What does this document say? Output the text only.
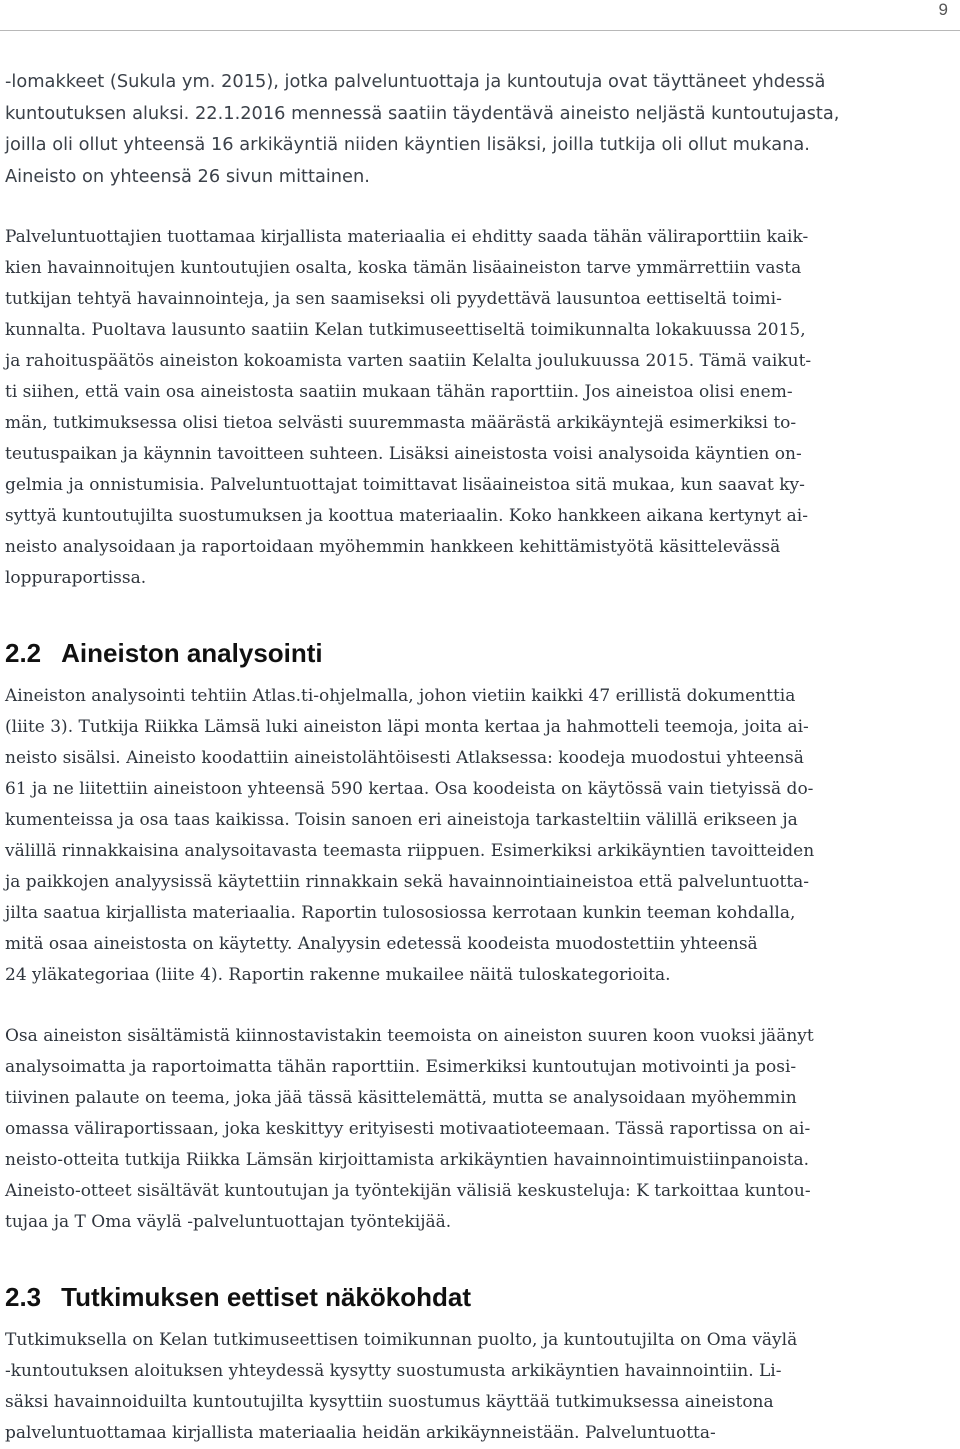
9

-lomakkeet (Sukula ym. 2015), jotka palveluntuottaja ja kuntoutuja ovat täyttäneet yhdessä

kuntoutuksen aluksi. 22.1.2016 mennessä saatiin täydentävä aineisto neljästä kuntoutujasta,

joilla oli ollut yhteensä 16 arkikäyntiä niiden käyntien lisäksi, joilla tutkija oli ollut mukana.

Aineisto on yhteensä 26 sivun mittainen.

Palveluntuottajien tuottamaa kirjallista materiaalia ei ehditty saada tähän väliraporttiin kaik-
kien havainnoitujen kuntoutujien osalta, koska tämän lisäaineiston tarve ymmärrettiin vasta
tutkijan tehtyä havainnointeja, ja sen saamiseksi oli pyydettävä lausuntoa eettiseltä toimi-
kunnalta. Puoltava lausunto saatiin Kelan tutkimuseettiseltä toimikunnalta lokakuussa 2015,
ja rahoituspäätös aineiston kokoamista varten saatiin Kelalta joulukuussa 2015. Tämä vaikut-
ti siihen, että vain osa aineistosta saatiin mukaan tähän raporttiin. Jos aineistoa olisi enem-
män, tutkimuksessa olisi tietoa selvästi suuremmasta määrästä arkikäyntejä esimerkiksi to-
teutuspaikan ja käynnin tavoitteen suhteen. Lisäksi aineistosta voisi analysoida käyntien on-
gelmia ja onnistumisia. Palveluntuottajat toimittavat lisäaineistoa sitä mukaa, kun saavat ky-
syttyä kuntoutujilta suostumuksen ja koottua materiaalin. Koko hankkeen aikana kertynyt ai-
neisto analysoidaan ja raportoidaan myöhemmin hankkeen kehittämistyötä käsittelevässä
loppuraportissa.
2.2 Aineiston analysointi
Aineiston analysointi tehtiin Atlas.ti-ohjelmalla, johon vietiin kaikki 47 erillistä dokumenttia
(liite 3). Tutkija Riikka Lämsä luki aineiston läpi monta kertaa ja hahmotteli teemoja, joita ai-
neisto sisälsi. Aineisto koodattiin aineistolähtöisesti Atlaksessa: koodeja muodostui yhteensä
61 ja ne liitettiin aineistoon yhteensä 590 kertaa. Osa koodeista on käytössä vain tietyissä do-
kumenteissa ja osa taas kaikissa. Toisin sanoen eri aineistoja tarkasteltiin välillä erikseen ja
välillä rinnakkaisina analysoitavasta teemasta riippuen. Esimerkiksi arkikäyntien tavoitteiden
ja paikkojen analyysissä käytettiin rinnakkain sekä havainnointiaineistoa että palveluntuotta-
jilta saatua kirjallista materiaalia. Raportin tulososiossa kerrotaan kunkin teeman kohdalla,
mitä osaa aineistosta on käytetty. Analyysin edetessä koodeista muodostettiin yhteensä
24 yläkategoriaa (liite 4). Raportin rakenne mukailee näitä tuloskategorioita.
Osa aineiston sisältämistä kiinnostavistakin teemoista on aineiston suuren koon vuoksi jäänyt
analysoimatta ja raportoimatta tähän raporttiin. Esimerkiksi kuntoutujan motivointi ja posi-
tiivinen palaute on teema, joka jää tässä käsittelemättä, mutta se analysoidaan myöhemmin
omassa väliraportissaan, joka keskittyy erityisesti motivaatioteemaan. Tässä raportissa on ai-
neisto-otteita tutkija Riikka Lämsän kirjoittamista arkikäyntien havainnointimuistiinpanoista.
Aineisto-otteet sisältävät kuntoutujan ja työntekijän välisiä keskusteluja: K tarkoittaa kuntou-
tujaa ja T Oma väylä -palveluntuottajan työntekijää.
2.3 Tutkimuksen eettiset näkökohdat
Tutkimuksella on Kelan tutkimuseettisen toimikunnan puolto, ja kuntoutujilta on Oma väylä
-kuntoutuksen aloituksen yhteydessä kysytty suostumusta arkikäyntien havainnointiin. Li-
säksi havainnoiduilta kuntoutujilta kysyttiin suostumus käyttää tutkimuksessa aineistona
palveluntuottamaa kirjallista materiaalia heidän arkikäynneistään. Palveluntuotta-
